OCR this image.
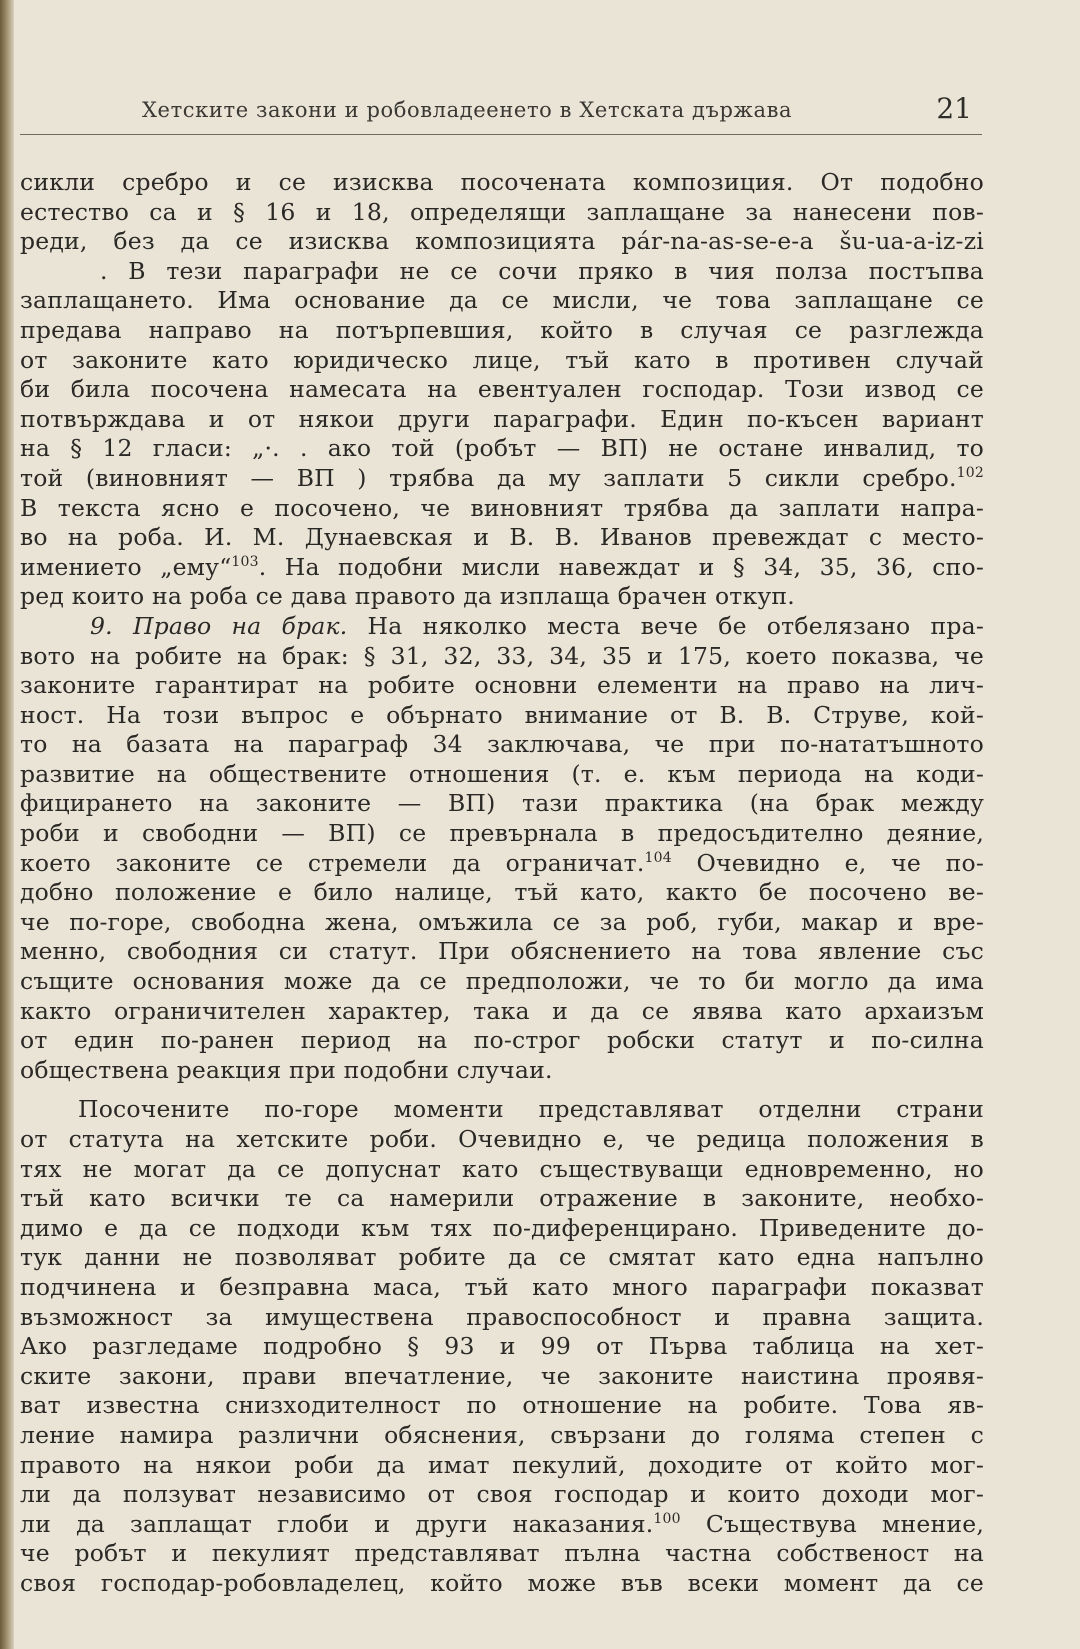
Хетските закони и робовладеенето в Хетската държава	21
сикли сребро и се изисква посочената композиция. От подобно
естество са и § 16 и 18, определящи заплащане за нанесени пов-
реди, без да се изисква композицията pár-na-as-se-e-a šu-ua-a-iz-zi
. В тези параграфи не се сочи пряко в чия полза постъпва
заплащането. Има основание да се мисли, че това заплащане се
предава направо на потърпевшия, който в случая се разглежда
от законите като юридическо лице, тъй като в противен случай
би била посочена намесата на евентуален господар. Този извод се
потвърждава и от някои други параграфи. Един по-късен вариант
на § 12 гласи: „·. . ако той (робът — ВП) не остане инвалид, то
той (виновният — ВП ) трябва да му заплати 5 сикли сребро.$^{102}$
В текста ясно е посочено, че виновният трябва да заплати напра-
во на роба. И. М. Дунаевская и В. В. Иванов превеждат с место-
имението „ему“$^{103}$. На подобни мисли навеждат и § 34, 35, 36, спо-
ред които на роба се дава правото да изплаща брачен откуп.
9. Право на брак. На няколко места вече бе отбелязано пра-
вото на робите на брак: § 31, 32, 33, 34, 35 и 175, което показва, че
законите гарантират на робите основни елементи на право на лич-
ност. На този въпрос е обърнато внимание от В. В. Струве, кой-
то на базата на параграф 34 заключава, че при по-нататъшното
развитие на обществените отношения (т. е. към периода на коди-
фицирането на законите — ВП) тази практика (на брак между
роби и свободни — ВП) се превърнала в предосъдително деяние,
което законите се стремели да ограничат.$^{104}$ Очевидно е, че по-
добно положение е било налице, тъй като, както бе посочено ве-
че по-горе, свободна жена, омъжила се за роб, губи, макар и вре-
менно, свободния си статут. При обяснението на това явление със
същите основания може да се предположи, че то би могло да има
както ограничителен характер, така и да се явява като архаизъм
от един по-ранен период на по-строг робски статут и по-силна
обществена реакция при подобни случаи.
Посочените по-горе моменти представляват отделни страни
от статута на хетските роби. Очевидно е, че редица положения в
тях не могат да се допуснат като съществуващи едновременно, но
тъй като всички те са намерили отражение в законите, необхо-
димо е да се подходи към тях по-диференцирано. Приведените до-
тук данни не позволяват робите да се смятат като една напълно
подчинена и безправна маса, тъй като много параграфи показват
възможност за имуществена правоспособност и правна защита.
Ако разгледаме подробно § 93 и 99 от Първа таблица на хет-
ските закони, прави впечатление, че законите наистина проявя-
ват известна снизходителност по отношение на робите. Това яв-
ление намира различни обяснения, свързани до голяма степен с
правото на някои роби да имат пекулий, доходите от който мог-
ли да ползуват независимо от своя господар и които доходи мог-
ли да заплащат глоби и други наказания.$^{100}$ Съществува мнение,
че робът и пекулият представляват пълна частна собственост на
своя господар-робовладелец, който може във всеки момент да се
